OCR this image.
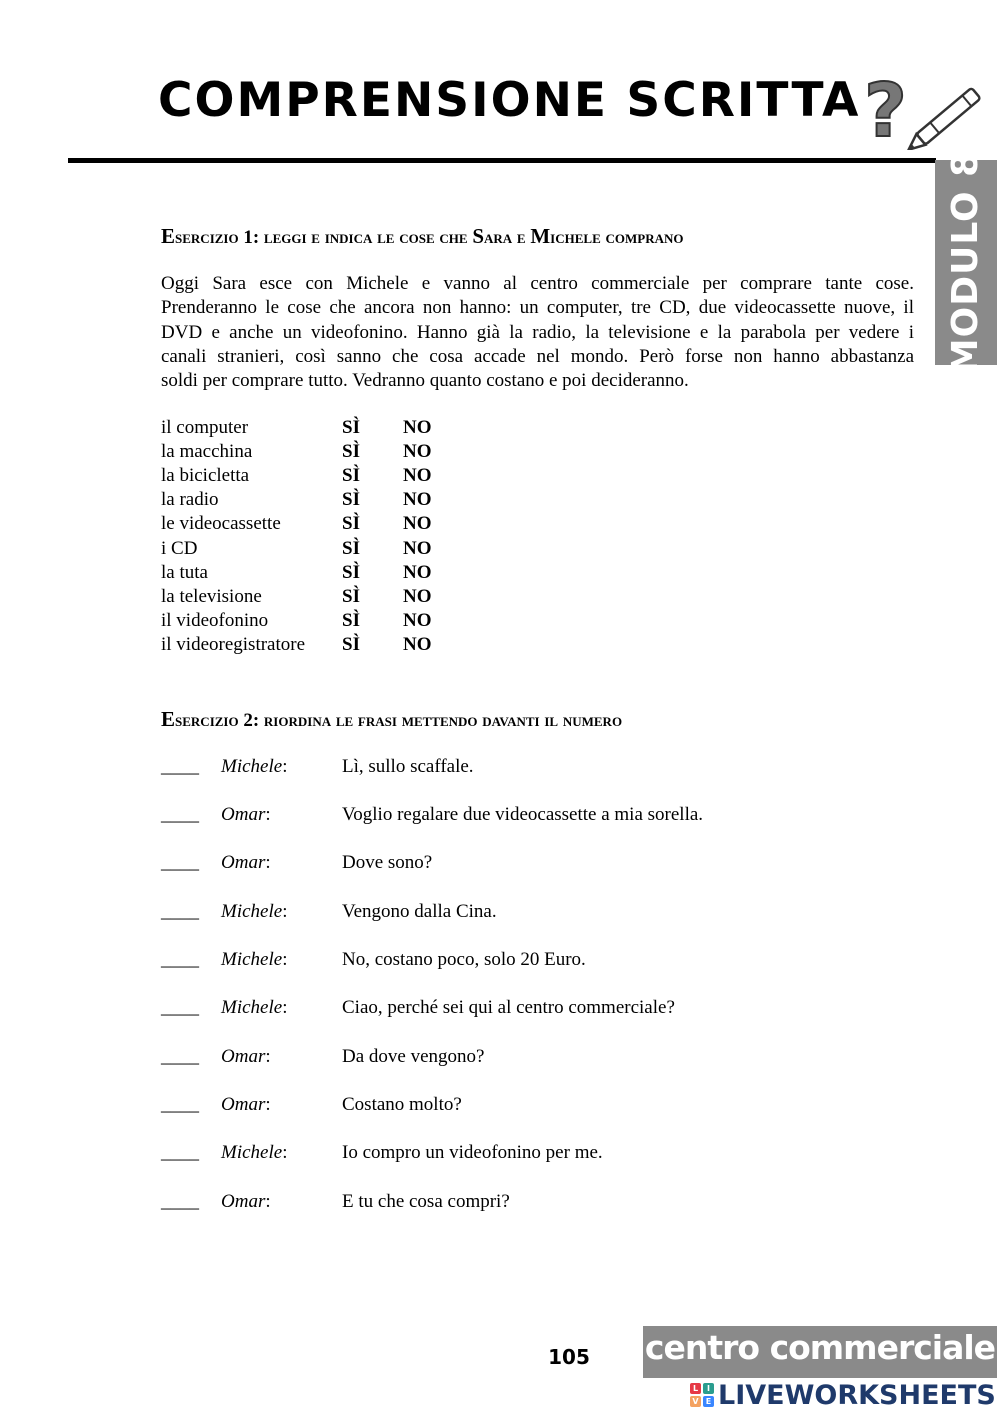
COMPRENSIONE SCRITTA ?
MODULO 8
Esercizio 1: leggi e indica le cose che Sara e Michele comprano
Oggi Sara esce con Michele e vanno al centro commerciale per comprare tante cose.
Prenderanno le cose che ancora non hanno: un computer, tre CD, due videocassette nuove, il
DVD e anche un videofonino. Hanno già la radio, la televisione e la parabola per vedere i
canali stranieri, così sanno che cosa accade nel mondo. Però forse non hanno abbastanza
soldi per comprare tutto. Vedranno quanto costano e poi decideranno.
il computer	SÌ NO
la macchina	SÌ NO
la bicicletta	SÌ NO
la radio	SÌ NO
le videocassette	SÌ NO
i CD	SÌ NO
la tuta	SÌ NO
la televisione	SÌ NO
il videofonino	SÌ NO
il videoregistratore SÌ NO
Esercizio 2: riordina le frasi mettendo davanti il numero
____ Michele:	Lì, sullo scaffale.
____ Omar:	Voglio regalare due videocassette a mia sorella.
____ Omar:	Dove sono?
____ Michele:	Vengono dalla Cina.
____ Michele:	No, costano poco, solo 20 Euro.
____ Michele:	Ciao, perché sei qui al centro commerciale?
____ Omar:	Da dove vengono?
____ Omar:	Costano molto?
____ Michele:	Io compro un videofonino per me.
____ Omar:	E tu che cosa compri?
105 centro commerciale
L	I
V E LIVEWORKSHEETS
